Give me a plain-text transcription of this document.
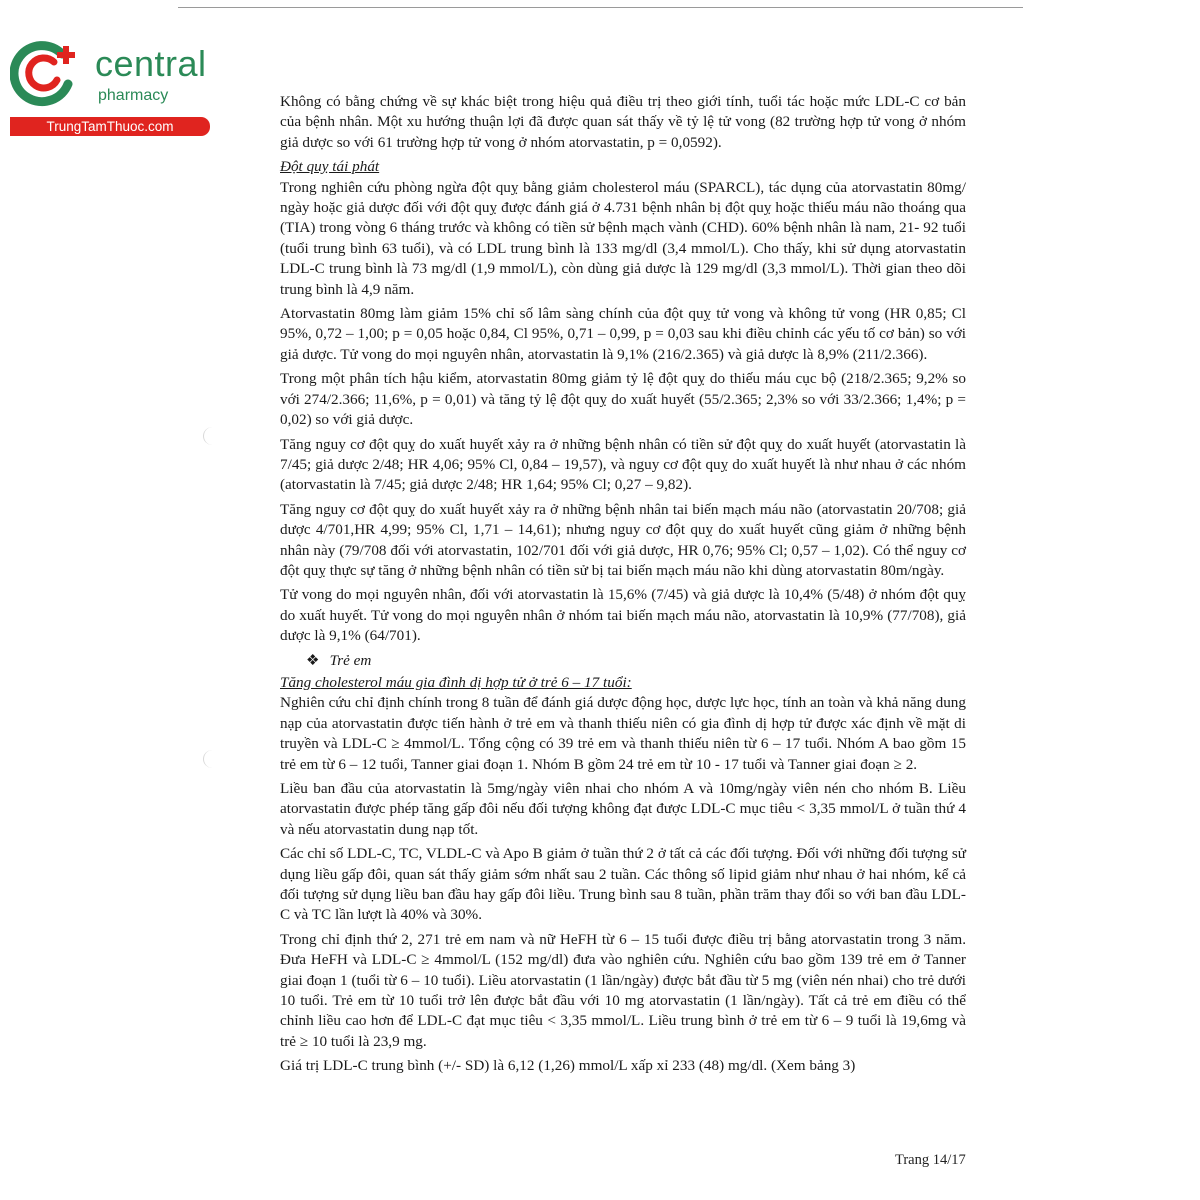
central
pharmacy
TrungTamThuoc.com

Không có bằng chứng về sự khác biệt trong hiệu quả điều trị theo giới tính, tuổi tác hoặc mức LDL-C cơ bản của bệnh nhân. Một xu hướng thuận lợi đã được quan sát thấy về tỷ lệ tử vong (82 trường hợp tử vong ở nhóm giả dược so với 61 trường hợp tử vong ở nhóm atorvastatin, p = 0,0592).

Đột quỵ tái phát

Trong nghiên cứu phòng ngừa đột quỵ bằng giảm cholesterol máu (SPARCL), tác dụng của atorvastatin 80mg/ ngày hoặc giả dược đối với đột quỵ được đánh giá ở 4.731 bệnh nhân bị đột quỵ hoặc thiếu máu não thoáng qua (TIA) trong vòng 6 tháng trước và không có tiền sử bệnh mạch vành (CHD). 60% bệnh nhân là nam, 21- 92 tuổi (tuổi trung bình 63 tuổi), và có LDL trung bình là 133 mg/dl (3,4 mmol/L). Cho thấy, khi sử dụng atorvastatin LDL-C trung bình là 73 mg/dl (1,9 mmol/L), còn dùng giả dược là 129 mg/dl (3,3 mmol/L). Thời gian theo dõi trung bình là 4,9 năm.

Atorvastatin 80mg làm giảm 15% chỉ số lâm sàng chính của đột quỵ tử vong và không tử vong (HR 0,85; Cl 95%, 0,72 – 1,00; p = 0,05 hoặc 0,84, Cl 95%, 0,71 – 0,99, p = 0,03 sau khi điều chỉnh các yếu tố cơ bản) so với giả dược. Tử vong do mọi nguyên nhân, atorvastatin là 9,1% (216/2.365) và giả dược là 8,9% (211/2.366).

Trong một phân tích hậu kiểm, atorvastatin 80mg giảm tỷ lệ đột quỵ do thiếu máu cục bộ (218/2.365; 9,2% so với 274/2.366; 11,6%, p = 0,01) và tăng tỷ lệ đột quỵ do xuất huyết (55/2.365; 2,3% so với 33/2.366; 1,4%; p = 0,02) so với giả dược.

Tăng nguy cơ đột quỵ do xuất huyết xảy ra ở những bệnh nhân có tiền sử đột quỵ do xuất huyết (atorvastatin là 7/45; giả dược 2/48; HR 4,06; 95% Cl, 0,84 – 19,57), và nguy cơ đột quỵ do xuất huyết là như nhau ở các nhóm (atorvastatin là 7/45; giả dược 2/48; HR 1,64; 95% Cl; 0,27 – 9,82).

Tăng nguy cơ đột quỵ do xuất huyết xảy ra ở những bệnh nhân tai biến mạch máu não (atorvastatin 20/708; giả dược 4/701,HR 4,99; 95% Cl, 1,71 – 14,61); nhưng nguy cơ đột quỵ do xuất huyết cũng giảm ở những bệnh nhân này (79/708 đối với atorvastatin, 102/701 đối với giả dược, HR 0,76; 95% Cl; 0,57 – 1,02). Có thể nguy cơ đột quỵ thực sự tăng ở những bệnh nhân có tiền sử bị tai biến mạch máu não khi dùng atorvastatin 80m/ngày.

Tử vong do mọi nguyên nhân, đối với atorvastatin là 15,6% (7/45) và giả dược là 10,4% (5/48) ở nhóm đột quỵ do xuất huyết. Tử vong do mọi nguyên nhân ở nhóm tai biến mạch máu não, atorvastatin là 10,9% (77/708), giả dược là 9,1% (64/701).

❖ Trẻ em
Tăng cholesterol máu gia đình dị hợp tử ở trẻ 6 – 17 tuổi:

Nghiên cứu chỉ định chính trong 8 tuần để đánh giá dược động học, dược lực học, tính an toàn và khả năng dung nạp của atorvastatin được tiến hành ở trẻ em và thanh thiếu niên có gia đình dị hợp tử được xác định về mặt di truyền và LDL-C ≥ 4mmol/L. Tổng cộng có 39 trẻ em và thanh thiếu niên từ 6 – 17 tuổi. Nhóm A bao gồm 15 trẻ em từ 6 – 12 tuổi, Tanner giai đoạn 1. Nhóm B gồm 24 trẻ em từ 10 - 17 tuổi và Tanner giai đoạn ≥ 2.

Liều ban đầu của atorvastatin là 5mg/ngày viên nhai cho nhóm A và 10mg/ngày viên nén cho nhóm B. Liều atorvastatin được phép tăng gấp đôi nếu đối tượng không đạt được LDL-C mục tiêu < 3,35 mmol/L ở tuần thứ 4 và nếu atorvastatin dung nạp tốt.

Các chỉ số LDL-C, TC, VLDL-C và Apo B giảm ở tuần thứ 2 ở tất cả các đối tượng. Đối với những đối tượng sử dụng liều gấp đôi, quan sát thấy giảm sớm nhất sau 2 tuần. Các thông số lipid giảm như nhau ở hai nhóm, kể cả đối tượng sử dụng liều ban đầu hay gấp đôi liều. Trung bình sau 8 tuần, phần trăm thay đổi so với ban đầu LDL-C và TC lần lượt là 40% và 30%.

Trong chỉ định thứ 2, 271 trẻ em nam và nữ HeFH từ 6 – 15 tuổi được điều trị bằng atorvastatin trong 3 năm. Đưa HeFH và LDL-C ≥ 4mmol/L (152 mg/dl) đưa vào nghiên cứu. Nghiên cứu bao gồm 139 trẻ em ở Tanner giai đoạn 1 (tuổi từ 6 – 10 tuổi). Liều atorvastatin (1 lần/ngày) được bắt đầu từ 5 mg (viên nén nhai) cho trẻ dưới 10 tuổi. Trẻ em từ 10 tuổi trở lên được bắt đầu với 10 mg atorvastatin (1 lần/ngày). Tất cả trẻ em điều có thể chỉnh liều cao hơn để LDL-C đạt mục tiêu < 3,35 mmol/L. Liều trung bình ở trẻ em từ 6 – 9 tuổi là 19,6mg và trẻ ≥ 10 tuổi là 23,9 mg.

Giá trị LDL-C trung bình (+/- SD) là 6,12 (1,26) mmol/L xấp xỉ 233 (48) mg/dl. (Xem bảng 3)

Trang 14/17
